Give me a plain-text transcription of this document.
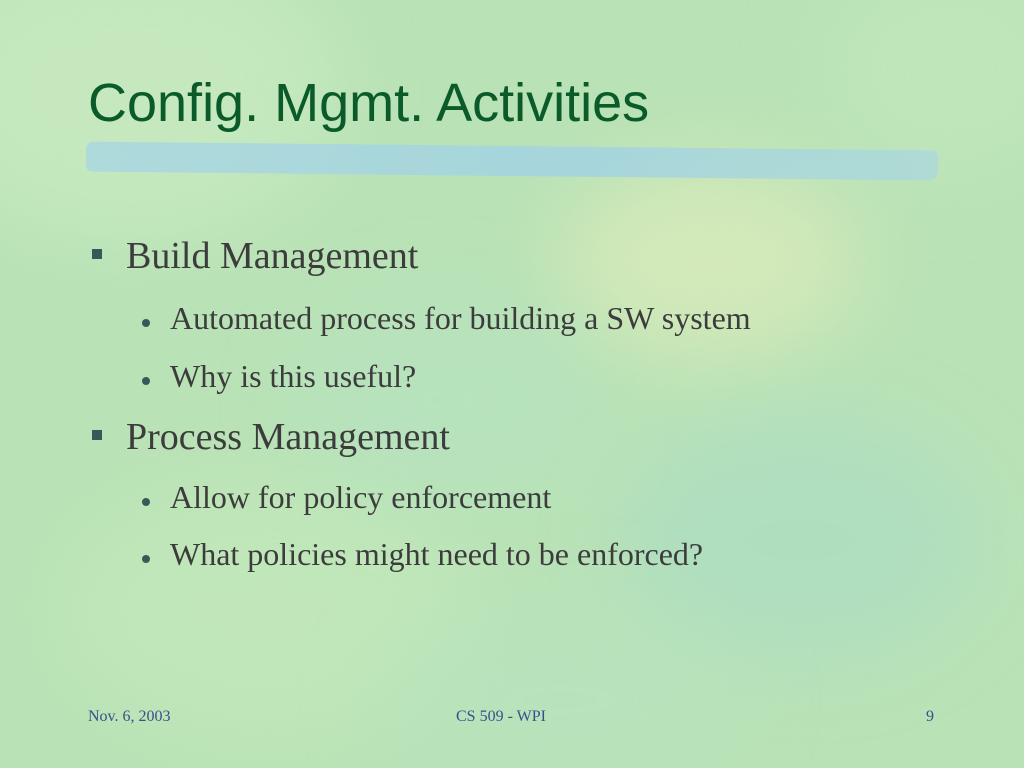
Config. Mgmt. Activities
Build Management
Automated process for building a SW system
Why is this useful?
Process Management
Allow for policy enforcement
What policies might need to be enforced?
Nov. 6, 2003	CS 509 - WPI	9
